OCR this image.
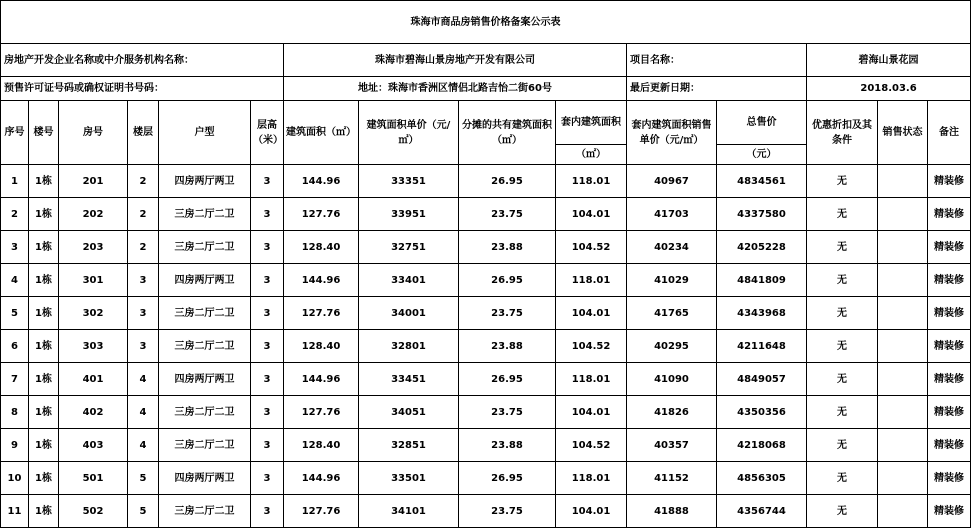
珠海市商品房销售价格备案公示表														
房地产开发企业名称或中介服务机构名称：						珠海市碧海山景房地产开发有限公司				项目名称：		碧海山景花园		
预售许可证号码或确权证明书号码：						地址：珠海市香洲区情侣北路吉怡二街60号				最后更新日期：		2018.03.6		
序号	楼号	房号	楼层	户型	层高（米）	建筑面积（㎡）	建筑面积单价（元/㎡）	分摊的共有建筑面积（㎡）	套内建筑面积	套内建筑面积销售单价（元/㎡）	总售价	优惠折扣及其条件	销售状态	备注
									（㎡）		（元）			
1	1栋	201	2	四房两厅两卫	3	144.96	33351	26.95	118.01	40967	4834561	无		精装修
2	1栋	202	2	三房二厅二卫	3	127.76	33951	23.75	104.01	41703	4337580	无		精装修
3	1栋	203	2	三房二厅二卫	3	128.40	32751	23.88	104.52	40234	4205228	无		精装修
4	1栋	301	3	四房两厅两卫	3	144.96	33401	26.95	118.01	41029	4841809	无		精装修
5	1栋	302	3	三房二厅二卫	3	127.76	34001	23.75	104.01	41765	4343968	无		精装修
6	1栋	303	3	三房二厅二卫	3	128.40	32801	23.88	104.52	40295	4211648	无		精装修
7	1栋	401	4	四房两厅两卫	3	144.96	33451	26.95	118.01	41090	4849057	无		精装修
8	1栋	402	4	三房二厅二卫	3	127.76	34051	23.75	104.01	41826	4350356	无		精装修
9	1栋	403	4	三房二厅二卫	3	128.40	32851	23.88	104.52	40357	4218068	无		精装修
10	1栋	501	5	四房两厅两卫	3	144.96	33501	26.95	118.01	41152	4856305	无		精装修
11	1栋	502	5	三房二厅二卫	3	127.76	34101	23.75	104.01	41888	4356744	无		精装修
